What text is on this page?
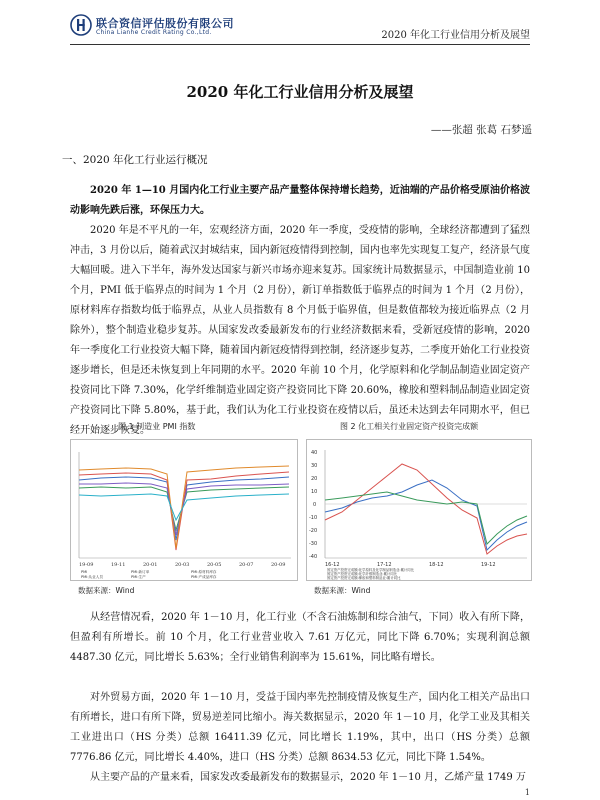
联合资信评估股份有限公司
China Lianhe Credit Rating Co.,Ltd.	2020 年化工行业信用分析及展望
2020 年化工行业信用分析及展望
——张超 张葛 石梦遥
一、2020 年化工行业运行概况

2020 年 1—10 月国内化工行业主要产品产量整体保持增长趋势，近油端的产品价格受原油价格波动影响先跌后涨，环保压力大。

2020 年是不平凡的一年，宏观经济方面，2020 年一季度，受疫情的影响，全球经济都遭到了猛烈冲击，3 月份以后，随着武汉封城结束，国内新冠疫情得到控制，国内也率先实现复工复产，经济景气度大幅回暖。进入下半年，海外发达国家与新兴市场亦迎来复苏。国家统计局数据显示，中国制造业前 10 个月，PMI 低于临界点的时间为 1 个月（2 月份），新订单指数低于临界点的时间为 1 个月（2 月份），原材料库存指数均低于临界点，从业人员指数有 8 个月低于临界值，但是数值都较为接近临界点（2 月除外），整个制造业稳步复苏。从国家发改委最新发布的行业经济数据来看，受新冠疫情的影响，2020 年一季度化工行业投资大幅下降，随着国内新冠疫情得到控制，经济逐步复苏，二季度开始化工行业投资逐步增长，但是还未恢复到上年同期的水平。2020 年前 10 个月，化学原料和化学制品制造业固定资产投资同比下降 7.30%，化学纤维制造业固定资产投资同比下降 20.60%，橡胶和塑料制品制造业固定资产投资同比下降 5.80%，基于此，我们认为化工行业投资在疫情以后，虽还未达到去年同期水平，但已经开始逐步恢复。

图 1 制造业 PMI 指数
19-09	19-11	20-01	20-03	20-05	20-07	20-09
PMI	PMI:新订单	PMI:原材料库存
PMI:从业人员	PMI:生产	PMI:产成品库存
数据来源：Wind
图 2 化工相关行业固定资产投资完成额
40
30
20
10
0
-10
-20
-30
-40
16-12	17-12	18-12	19-12
固定资产投资完成额:化学原料及化学制品制造业:累计同比
固定资产投资完成额:化学纤维制造业:累计同比
固定资产投资完成额:橡胶和塑料制品业:累计同比
数据来源：Wind

从经营情况看，2020 年 1－10 月，化工行业（不含石油炼制和综合油气，下同）收入有所下降，但盈利有所增长。前 10 个月，化工行业营业收入 7.61 万亿元，同比下降 6.70%；实现利润总额 4487.30 亿元，同比增长 5.63%；全行业销售利润率为 15.61%，同比略有增长。

对外贸易方面，2020 年 1－10 月，受益于国内率先控制疫情及恢复生产，国内化工相关产品出口有所增长，进口有所下降，贸易逆差同比缩小。海关数据显示，2020 年 1－10 月，化学工业及其相关工业进出口（HS 分类）总额 16411.39 亿元，同比增长 1.19%，其中，出口（HS 分类）总额 7776.86 亿元，同比增长 4.40%，进口（HS 分类）总额 8634.53 亿元，同比下降 1.54%。

从主要产品的产量来看，国家发改委最新发布的数据显示，2020 年 1－10 月，乙烯产量 1749 万

1
